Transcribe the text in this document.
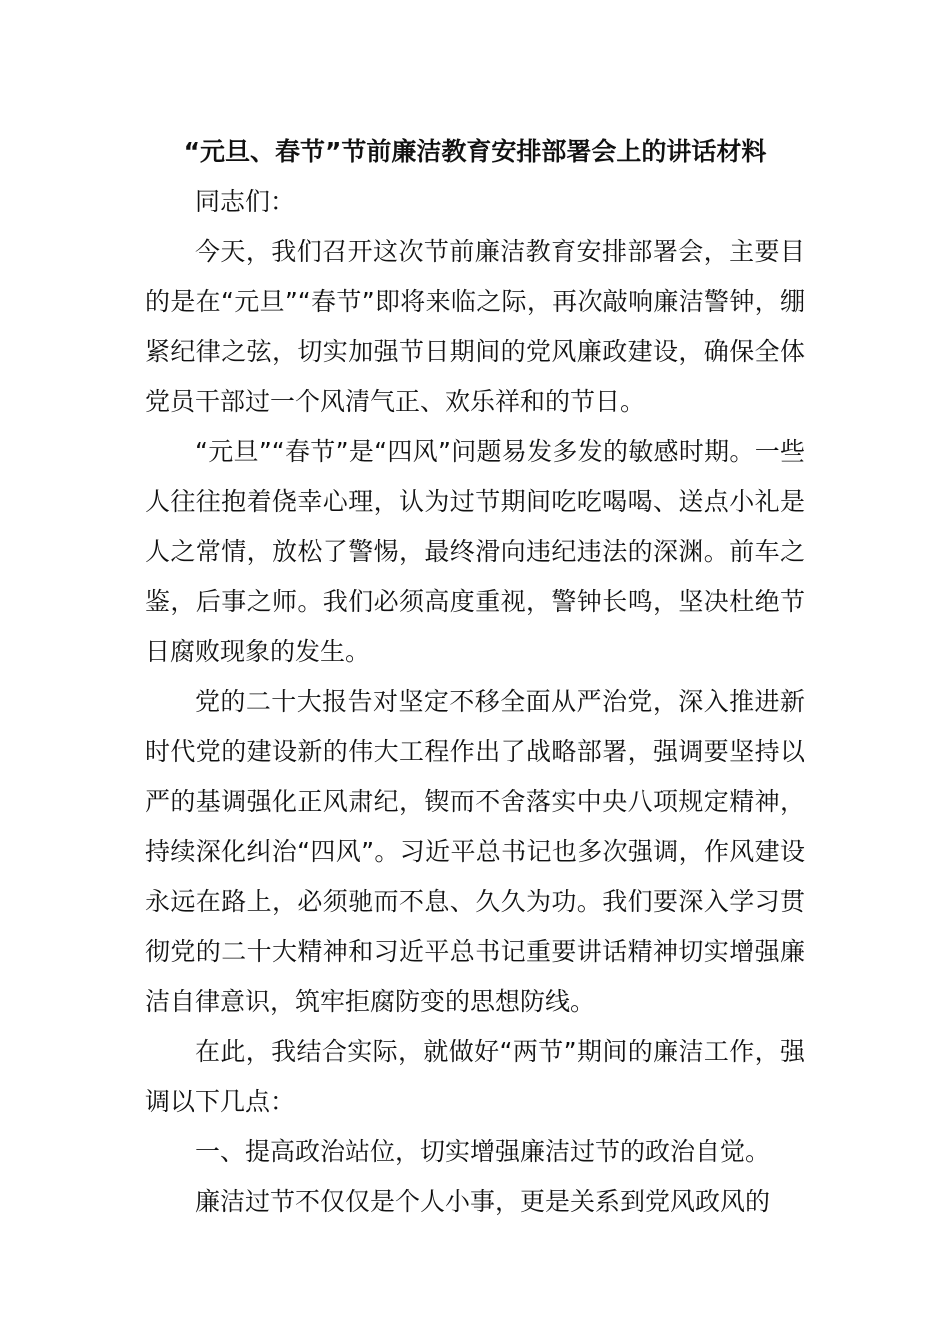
“元旦、春节”节前廉洁教育安排部署会上的讲话材料

同志们：

今天，我们召开这次节前廉洁教育安排部署会，主要目的是在“元旦”“春节”即将来临之际，再次敲响廉洁警钟，绷紧纪律之弦，切实加强节日期间的党风廉政建设，确保全体党员干部过一个风清气正、欢乐祥和的节日。

“元旦”“春节”是“四风”问题易发多发的敏感时期。一些人往往抱着侥幸心理，认为过节期间吃吃喝喝、送点小礼是人之常情，放松了警惕，最终滑向违纪违法的深渊。前车之鉴，后事之师。我们必须高度重视，警钟长鸣，坚决杜绝节日腐败现象的发生。

党的二十大报告对坚定不移全面从严治党，深入推进新时代党的建设新的伟大工程作出了战略部署，强调要坚持以严的基调强化正风肃纪，锲而不舍落实中央八项规定精神，持续深化纠治“四风”。习近平总书记也多次强调，作风建设永远在路上，必须驰而不息、久久为功。我们要深入学习贯彻党的二十大精神和习近平总书记重要讲话精神切实增强廉洁自律意识，筑牢拒腐防变的思想防线。

在此，我结合实际，就做好“两节”期间的廉洁工作，强调以下几点：

一、提高政治站位，切实增强廉洁过节的政治自觉。

廉洁过节不仅仅是个人小事，更是关系到党风政风的
